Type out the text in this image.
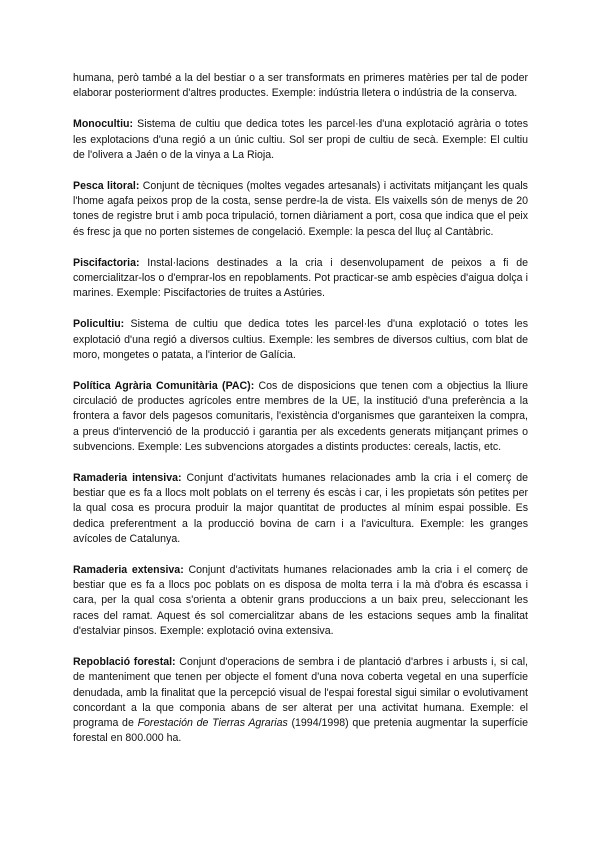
humana, però també a la del bestiar o a ser transformats en primeres matèries per tal de poder elaborar posteriorment d'altres productes. Exemple: indústria lletera o indústria de la conserva.

Monocultiu: Sistema de cultiu que dedica totes les parcel·les d'una explotació agrària o totes les explotacions d'una regió a un únic cultiu. Sol ser propi de cultiu de secà. Exemple: El cultiu de l'olivera a Jaén o de la vinya a La Rioja.

Pesca litoral: Conjunt de tècniques (moltes vegades artesanals) i activitats mitjançant les quals l'home agafa peixos prop de la costa, sense perdre-la de vista. Els vaixells són de menys de 20 tones de registre brut i amb poca tripulació, tornen diàriament a port, cosa que indica que el peix és fresc ja que no porten sistemes de congelació. Exemple: la pesca del lluç al Cantàbric.

Piscifactoria: Instal·lacions destinades a la cria i desenvolupament de peixos a fi de comercialitzar-los o d'emprar-los en repoblaments. Pot practicar-se amb espècies d'aigua dolça i marines. Exemple: Piscifactories de truites a Astúries.

Policultiu: Sistema de cultiu que dedica totes les parcel·les d'una explotació o totes les explotació d'una regió a diversos cultius. Exemple: les sembres de diversos cultius, com blat de moro, mongetes o patata, a l'interior de Galícia.

Política Agrària Comunitària (PAC): Cos de disposicions que tenen com a objectius la lliure circulació de productes agrícoles entre membres de la UE, la institució d'una preferència a la frontera a favor dels pagesos comunitaris, l'existència d'organismes que garanteixen la compra, a preus d'intervenció de la producció i garantia per als excedents generats mitjançant primes o subvencions. Exemple: Les subvencions atorgades a distints productes: cereals, lactis, etc.

Ramaderia intensiva: Conjunt d'activitats humanes relacionades amb la cria i el comerç de bestiar que es fa a llocs molt poblats on el terreny és escàs i car, i les propietats són petites per la qual cosa es procura produir la major quantitat de productes al mínim espai possible. Es dedica preferentment a la producció bovina de carn i a l'avicultura. Exemple: les granges avícoles de Catalunya.

Ramaderia extensiva: Conjunt d'activitats humanes relacionades amb la cria i el comerç de bestiar que es fa a llocs poc poblats on es disposa de molta terra i la mà d'obra és escassa i cara, per la qual cosa s'orienta a obtenir grans produccions a un baix preu, seleccionant les races del ramat. Aquest és sol comercialitzar abans de les estacions seques amb la finalitat d'estalviar pinsos. Exemple: explotació ovina extensiva.

Repoblació forestal: Conjunt d'operacions de sembra i de plantació d'arbres i arbusts i, si cal, de manteniment que tenen per objecte el foment d'una nova coberta vegetal en una superfície denudada, amb la finalitat que la percepció visual de l'espai forestal sigui similar o evolutivament concordant a la que componia abans de ser alterat per una activitat humana. Exemple: el programa de Forestación de Tierras Agrarias (1994/1998) que pretenia augmentar la superfície forestal en 800.000 ha.
